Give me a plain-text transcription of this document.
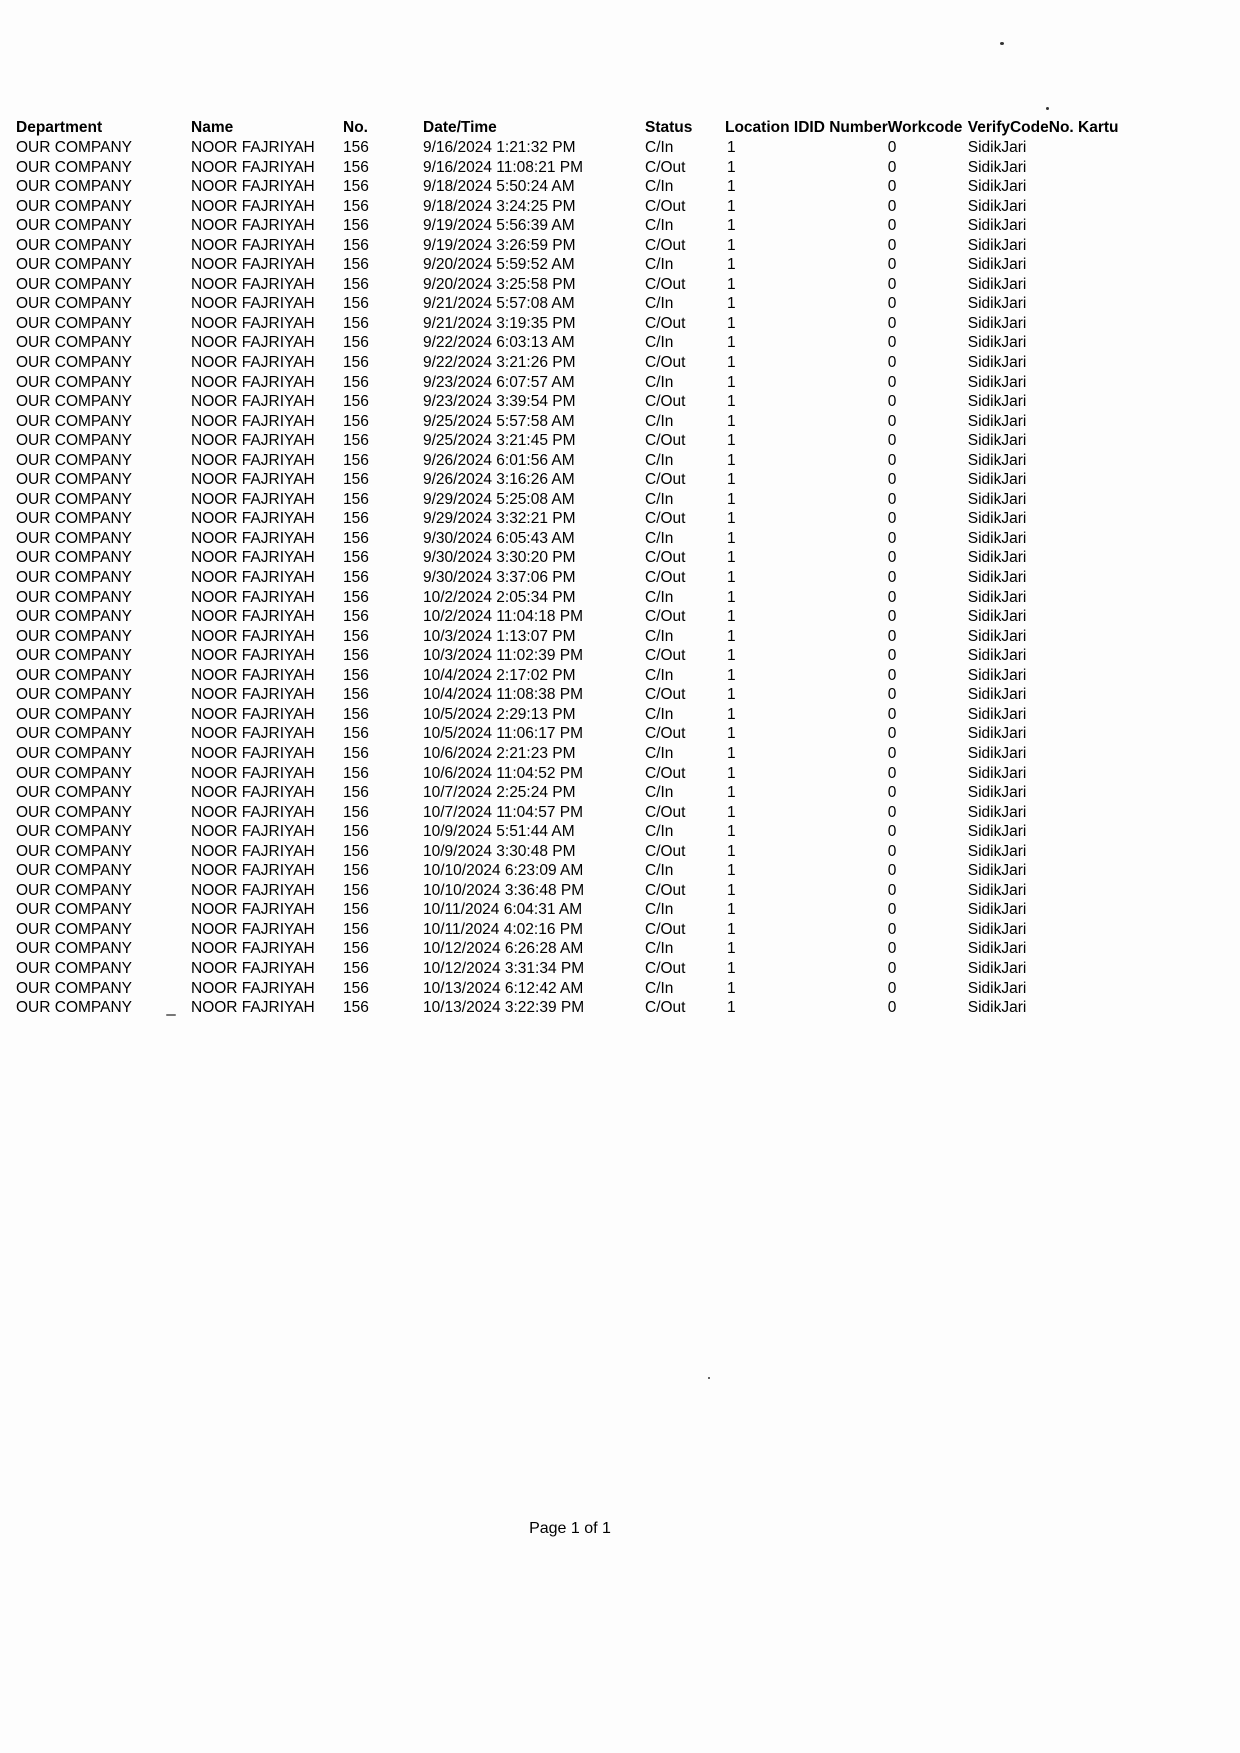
Department	Name	No.	Date/Time	Status	Location IDID Number	Workcode	VerifyCode	No. Kartu
OUR COMPANY	NOOR FAJRIYAH	156	9/16/2024 1:21:32 PM	C/In	1	0	SidikJari	
OUR COMPANY	NOOR FAJRIYAH	156	9/16/2024 11:08:21 PM	C/Out	1	0	SidikJari	
OUR COMPANY	NOOR FAJRIYAH	156	9/18/2024 5:50:24 AM	C/In	1	0	SidikJari	
OUR COMPANY	NOOR FAJRIYAH	156	9/18/2024 3:24:25 PM	C/Out	1	0	SidikJari	
OUR COMPANY	NOOR FAJRIYAH	156	9/19/2024 5:56:39 AM	C/In	1	0	SidikJari	
OUR COMPANY	NOOR FAJRIYAH	156	9/19/2024 3:26:59 PM	C/Out	1	0	SidikJari	
OUR COMPANY	NOOR FAJRIYAH	156	9/20/2024 5:59:52 AM	C/In	1	0	SidikJari	
OUR COMPANY	NOOR FAJRIYAH	156	9/20/2024 3:25:58 PM	C/Out	1	0	SidikJari	
OUR COMPANY	NOOR FAJRIYAH	156	9/21/2024 5:57:08 AM	C/In	1	0	SidikJari	
OUR COMPANY	NOOR FAJRIYAH	156	9/21/2024 3:19:35 PM	C/Out	1	0	SidikJari	
OUR COMPANY	NOOR FAJRIYAH	156	9/22/2024 6:03:13 AM	C/In	1	0	SidikJari	
OUR COMPANY	NOOR FAJRIYAH	156	9/22/2024 3:21:26 PM	C/Out	1	0	SidikJari	
OUR COMPANY	NOOR FAJRIYAH	156	9/23/2024 6:07:57 AM	C/In	1	0	SidikJari	
OUR COMPANY	NOOR FAJRIYAH	156	9/23/2024 3:39:54 PM	C/Out	1	0	SidikJari	
OUR COMPANY	NOOR FAJRIYAH	156	9/25/2024 5:57:58 AM	C/In	1	0	SidikJari	
OUR COMPANY	NOOR FAJRIYAH	156	9/25/2024 3:21:45 PM	C/Out	1	0	SidikJari	
OUR COMPANY	NOOR FAJRIYAH	156	9/26/2024 6:01:56 AM	C/In	1	0	SidikJari	
OUR COMPANY	NOOR FAJRIYAH	156	9/26/2024 3:16:26 AM	C/Out	1	0	SidikJari	
OUR COMPANY	NOOR FAJRIYAH	156	9/29/2024 5:25:08 AM	C/In	1	0	SidikJari	
OUR COMPANY	NOOR FAJRIYAH	156	9/29/2024 3:32:21 PM	C/Out	1	0	SidikJari	
OUR COMPANY	NOOR FAJRIYAH	156	9/30/2024 6:05:43 AM	C/In	1	0	SidikJari	
OUR COMPANY	NOOR FAJRIYAH	156	9/30/2024 3:30:20 PM	C/Out	1	0	SidikJari	
OUR COMPANY	NOOR FAJRIYAH	156	9/30/2024 3:37:06 PM	C/Out	1	0	SidikJari	
OUR COMPANY	NOOR FAJRIYAH	156	10/2/2024 2:05:34 PM	C/In	1	0	SidikJari	
OUR COMPANY	NOOR FAJRIYAH	156	10/2/2024 11:04:18 PM	C/Out	1	0	SidikJari	
OUR COMPANY	NOOR FAJRIYAH	156	10/3/2024 1:13:07 PM	C/In	1	0	SidikJari	
OUR COMPANY	NOOR FAJRIYAH	156	10/3/2024 11:02:39 PM	C/Out	1	0	SidikJari	
OUR COMPANY	NOOR FAJRIYAH	156	10/4/2024 2:17:02 PM	C/In	1	0	SidikJari	
OUR COMPANY	NOOR FAJRIYAH	156	10/4/2024 11:08:38 PM	C/Out	1	0	SidikJari	
OUR COMPANY	NOOR FAJRIYAH	156	10/5/2024 2:29:13 PM	C/In	1	0	SidikJari	
OUR COMPANY	NOOR FAJRIYAH	156	10/5/2024 11:06:17 PM	C/Out	1	0	SidikJari	
OUR COMPANY	NOOR FAJRIYAH	156	10/6/2024 2:21:23 PM	C/In	1	0	SidikJari	
OUR COMPANY	NOOR FAJRIYAH	156	10/6/2024 11:04:52 PM	C/Out	1	0	SidikJari	
OUR COMPANY	NOOR FAJRIYAH	156	10/7/2024 2:25:24 PM	C/In	1	0	SidikJari	
OUR COMPANY	NOOR FAJRIYAH	156	10/7/2024 11:04:57 PM	C/Out	1	0	SidikJari	
OUR COMPANY	NOOR FAJRIYAH	156	10/9/2024 5:51:44 AM	C/In	1	0	SidikJari	
OUR COMPANY	NOOR FAJRIYAH	156	10/9/2024 3:30:48 PM	C/Out	1	0	SidikJari	
OUR COMPANY	NOOR FAJRIYAH	156	10/10/2024 6:23:09 AM	C/In	1	0	SidikJari	
OUR COMPANY	NOOR FAJRIYAH	156	10/10/2024 3:36:48 PM	C/Out	1	0	SidikJari	
OUR COMPANY	NOOR FAJRIYAH	156	10/11/2024 6:04:31 AM	C/In	1	0	SidikJari	
OUR COMPANY	NOOR FAJRIYAH	156	10/11/2024 4:02:16 PM	C/Out	1	0	SidikJari	
OUR COMPANY	NOOR FAJRIYAH	156	10/12/2024 6:26:28 AM	C/In	1	0	SidikJari	
OUR COMPANY	NOOR FAJRIYAH	156	10/12/2024 3:31:34 PM	C/Out	1	0	SidikJari	
OUR COMPANY	NOOR FAJRIYAH	156	10/13/2024 6:12:42 AM	C/In	1	0	SidikJari	
OUR COMPANY	NOOR FAJRIYAH	156	10/13/2024 3:22:39 PM	C/Out	1	0	SidikJari	
Page 1 of 1
